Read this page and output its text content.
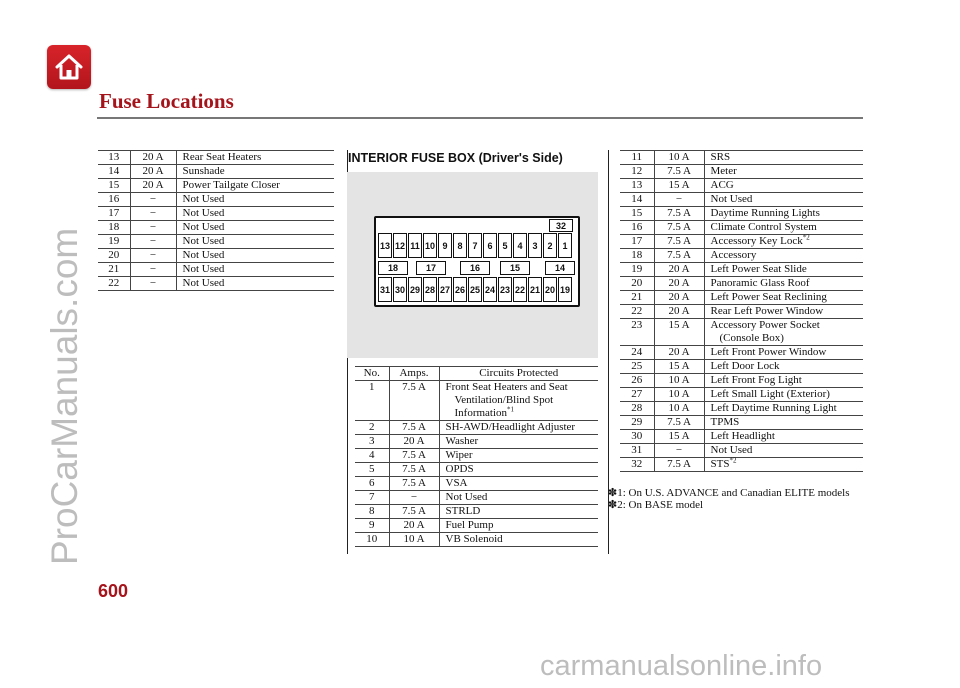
Fuse Locations
13	20 A	Rear Seat Heaters
14	20 A	Sunshade
15	20 A	Power Tailgate Closer
16	−	Not Used
17	−	Not Used
18	−	Not Used
19	−	Not Used
20	−	Not Used
21	−	Not Used
22	−	Not Used
INTERIOR FUSE BOX (Driver's Side)
32
13 12 11 10 9	8	7	6	5	4	3	2	1
18	17	16	15	14
31 30 29 28 27 26 25 24 23 22 21 20 19
No.	Amps.	Circuits Protected
1	7.5 A	Front Seat Heaters and Seat
Ventilation/Blind Spot
Information$^{*1}$
2	7.5 A	SH-AWD/Headlight Adjuster
3	20 A	Washer
4	7.5 A	Wiper
5	7.5 A	OPDS
6	7.5 A	VSA
7	−	Not Used
8	7.5 A	STRLD
9	20 A	Fuel Pump
10	10 A	VB Solenoid
11	10 A	SRS
12	7.5 A	Meter
13	15 A	ACG
14	−	Not Used
15	7.5 A	Daytime Running Lights
16	7.5 A	Climate Control System
17	7.5 A	Accessory Key Lock$^{*2}$
18	7.5 A	Accessory
19	20 A	Left Power Seat Slide
20	20 A	Panoramic Glass Roof
21	20 A	Left Power Seat Reclining
22	20 A	Rear Left Power Window
23	15 A	Accessory Power Socket
(Console Box)
24	20 A	Left Front Power Window
25	15 A	Left Door Lock
26	10 A	Left Front Fog Light
27	10 A	Left Small Light (Exterior)
28	10 A	Left Daytime Running Light
29	7.5 A	TPMS
30	15 A	Left Headlight
31	−	Not Used
32	7.5 A	STS$^{*2}$
✽1: On U.S. ADVANCE and Canadian ELITE models
✽2: On BASE model
600
ProCarManuals.com
carmanualsonline.info
